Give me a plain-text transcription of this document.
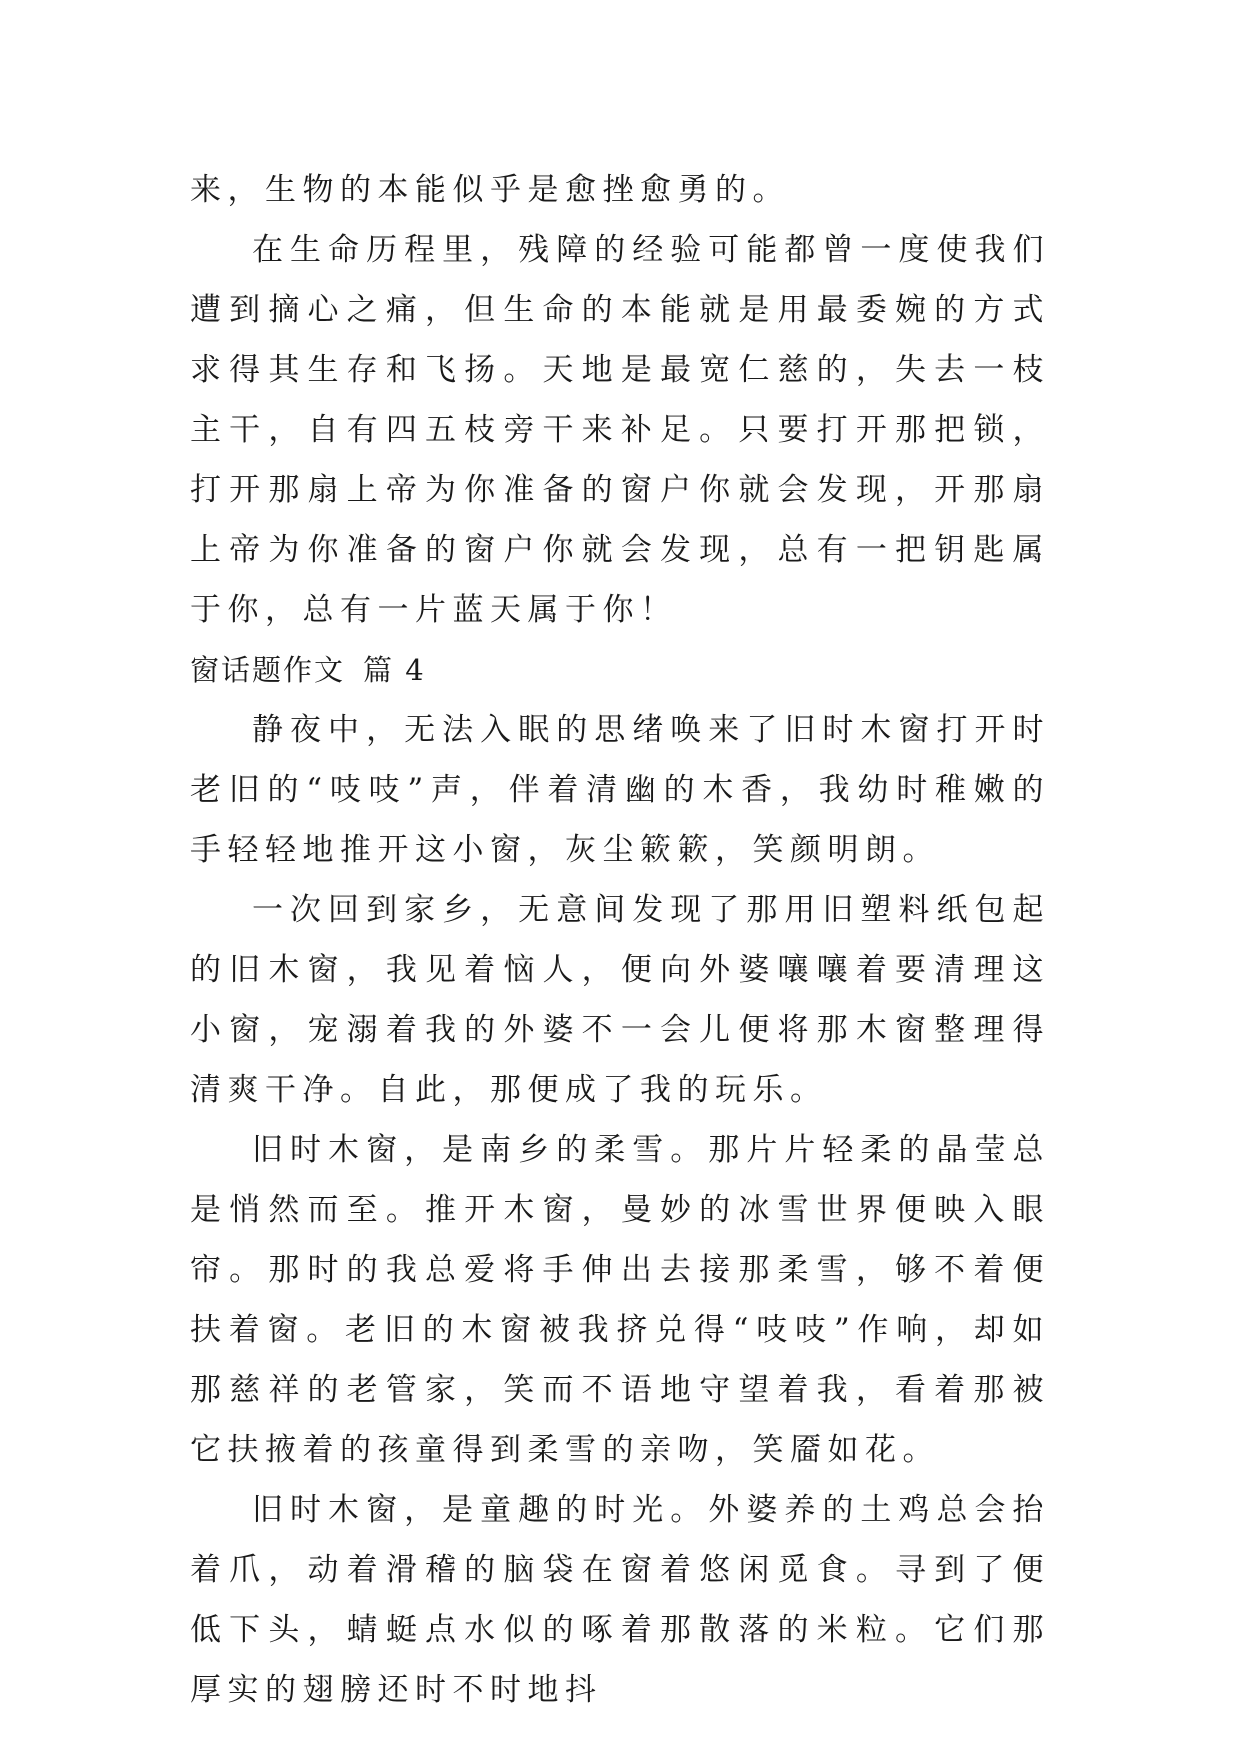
来，生物的本能似乎是愈挫愈勇的。

在生命历程里，残障的经验可能都曾一度使我们遭到摘心之痛，但生命的本能就是用最委婉的方式求得其生存和飞扬。天地是最宽仁慈的，失去一枝主干，自有四五枝旁干来补足。只要打开那把锁，打开那扇上帝为你准备的窗户你就会发现，开那扇上帝为你准备的窗户你就会发现，总有一把钥匙属于你，总有一片蓝天属于你！

窗话题作文 篇 4

静夜中，无法入眠的思绪唤来了旧时木窗打开时老旧的“吱吱”声，伴着清幽的木香，我幼时稚嫩的手轻轻地推开这小窗，灰尘簌簌，笑颜明朗。

一次回到家乡，无意间发现了那用旧塑料纸包起的旧木窗，我见着恼人，便向外婆嚷嚷着要清理这小窗，宠溺着我的外婆不一会儿便将那木窗整理得清爽干净。自此，那便成了我的玩乐。

旧时木窗，是南乡的柔雪。那片片轻柔的晶莹总是悄然而至。推开木窗，曼妙的冰雪世界便映入眼帘。那时的我总爱将手伸出去接那柔雪，够不着便扶着窗。老旧的木窗被我挤兑得“吱吱”作响，却如那慈祥的老管家，笑而不语地守望着我，看着那被它扶掖着的孩童得到柔雪的亲吻，笑靥如花。

旧时木窗，是童趣的时光。外婆养的土鸡总会抬着爪，动着滑稽的脑袋在窗着悠闲觅食。寻到了便低下头，蜻蜓点水似的啄着那散落的米粒。它们那厚实的翅膀还时不时地抖
